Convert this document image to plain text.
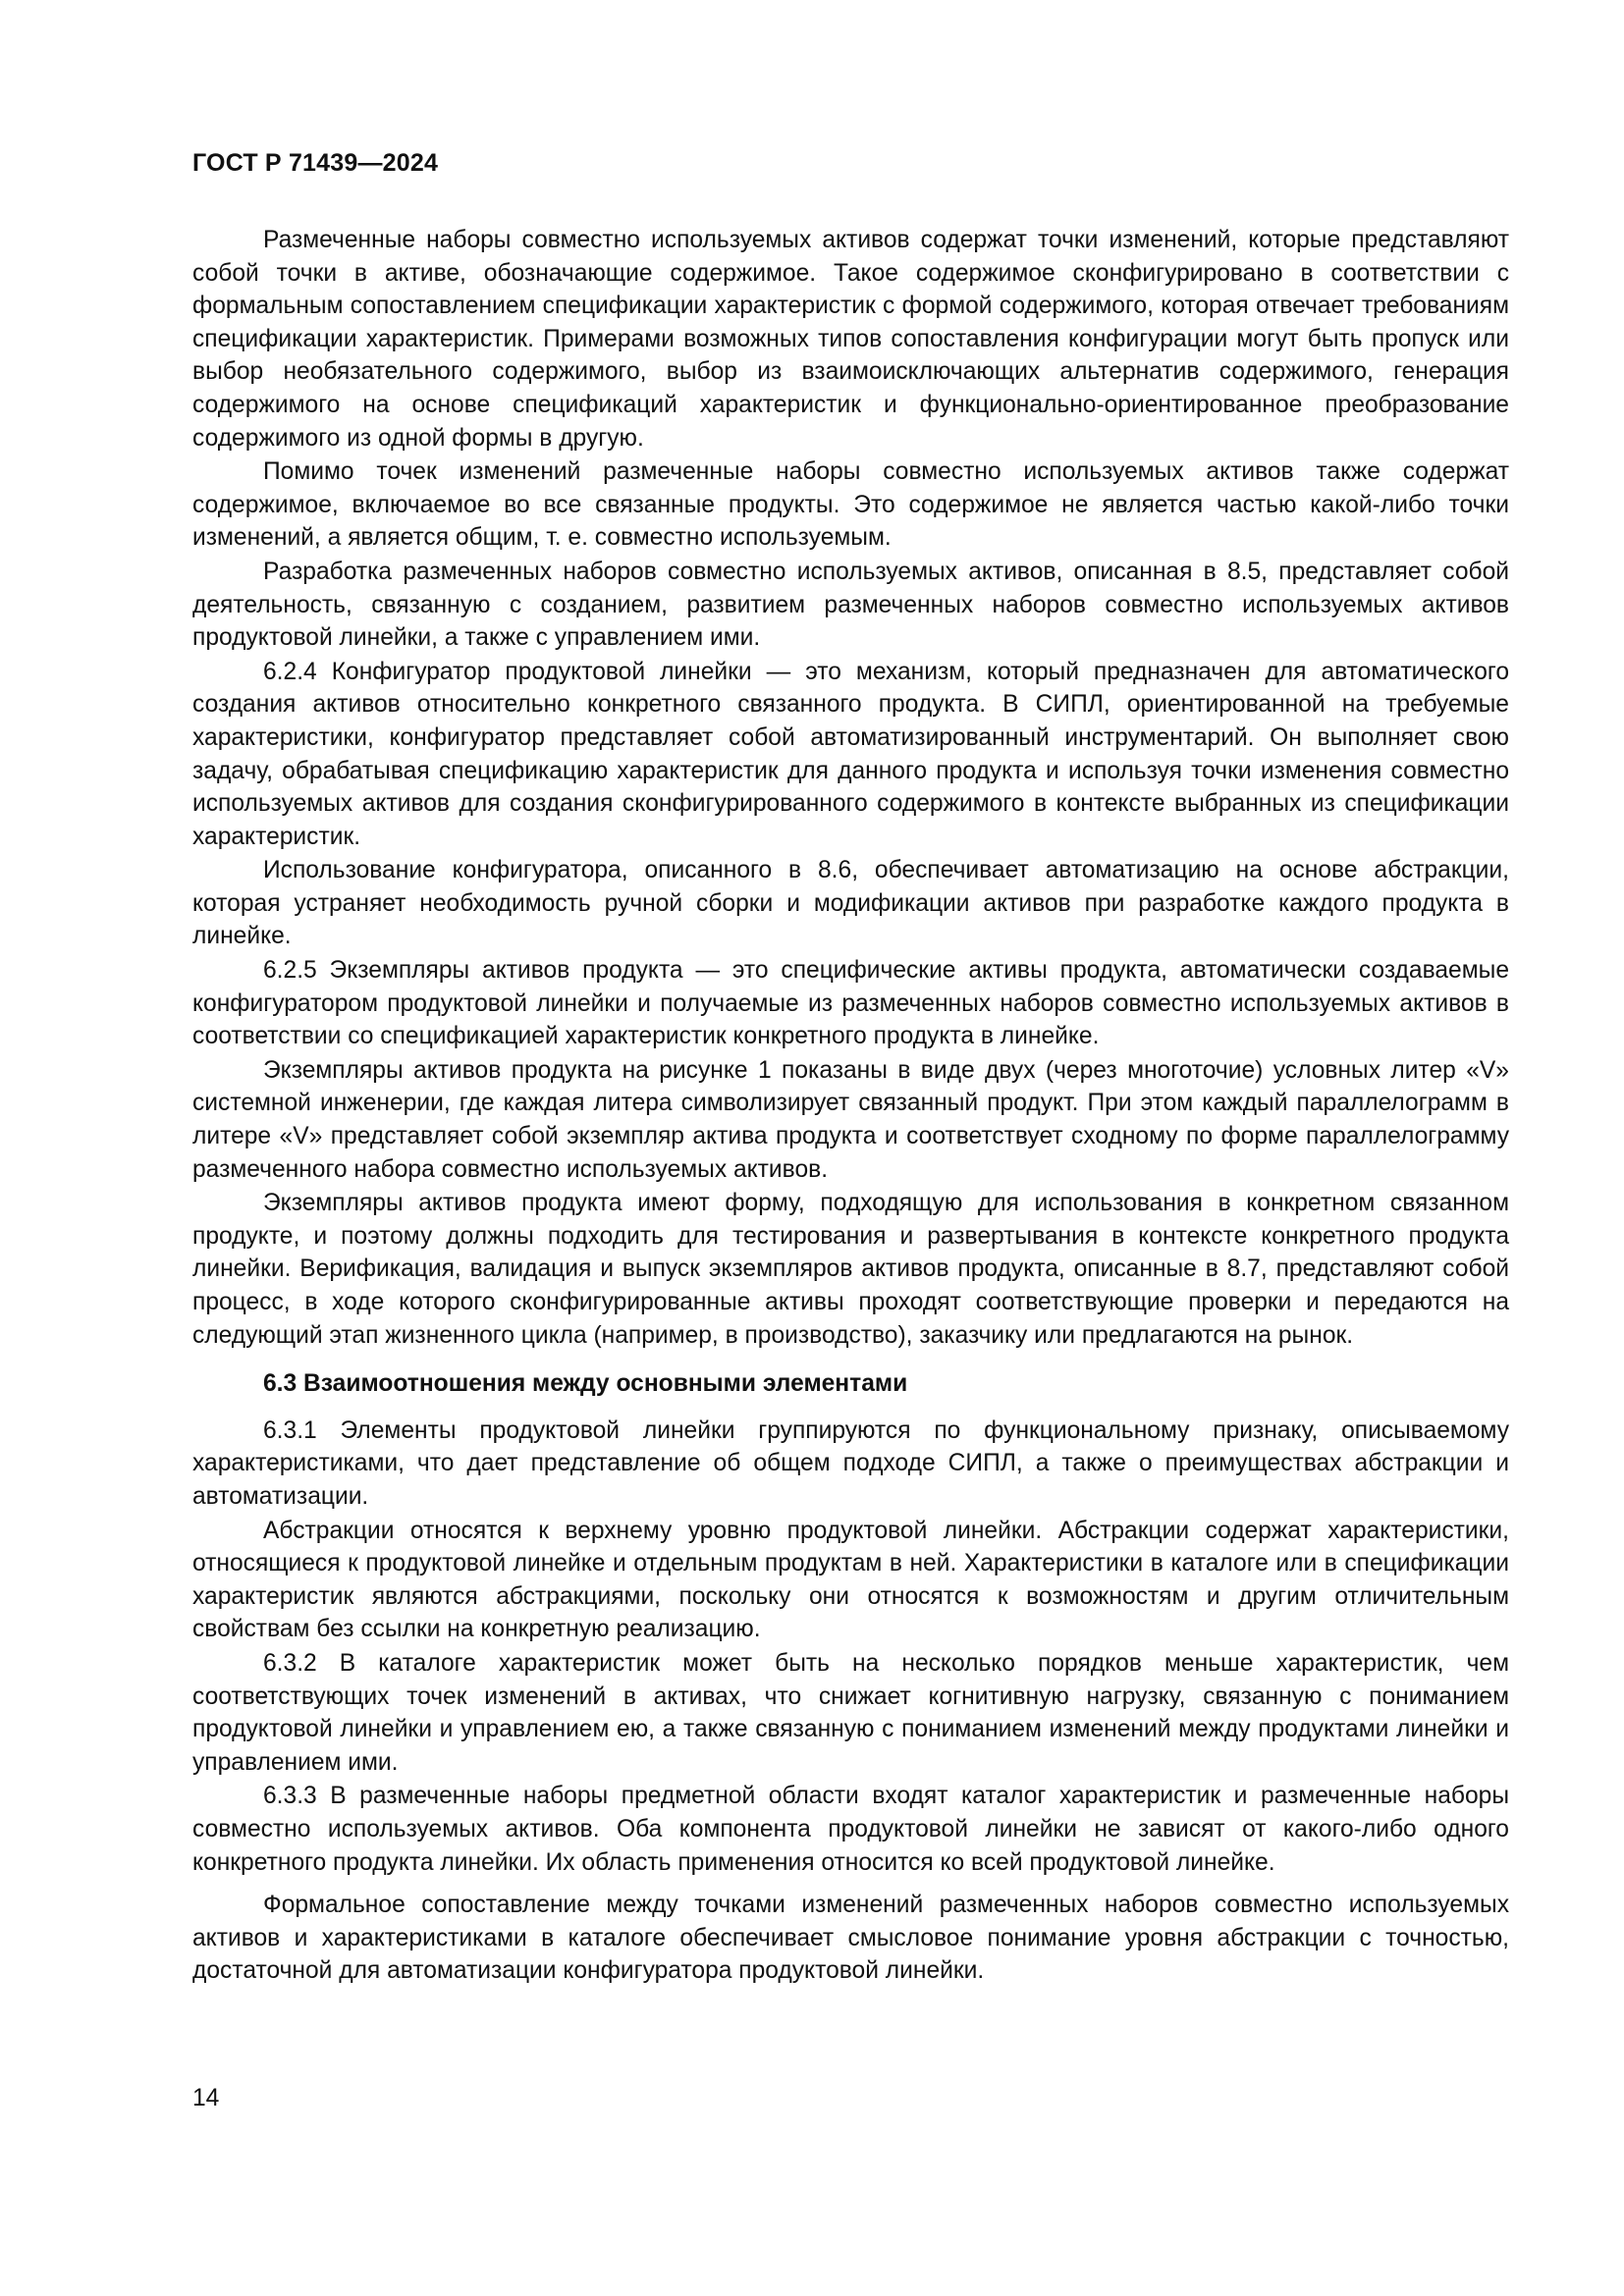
ГОСТ Р 71439—2024

Размеченные наборы совместно используемых активов содержат точки изменений, которые представляют собой точки в активе, обозначающие содержимое. Такое содержимое сконфигурировано в соответствии с формальным сопоставлением спецификации характеристик с формой содержимого, которая отвечает требованиям спецификации характеристик. Примерами возможных типов сопоставления конфигурации могут быть пропуск или выбор необязательного содержимого, выбор из взаимоисключающих альтернатив содержимого, генерация содержимого на основе спецификаций характеристик и функционально-ориентированное преобразование содержимого из одной формы в другую.

Помимо точек изменений размеченные наборы совместно используемых активов также содержат содержимое, включаемое во все связанные продукты. Это содержимое не является частью какой-либо точки изменений, а является общим, т. е. совместно используемым.

Разработка размеченных наборов совместно используемых активов, описанная в 8.5, представляет собой деятельность, связанную с созданием, развитием размеченных наборов совместно используемых активов продуктовой линейки, а также с управлением ими.

6.2.4 Конфигуратор продуктовой линейки — это механизм, который предназначен для автоматического создания активов относительно конкретного связанного продукта. В СИПЛ, ориентированной на требуемые характеристики, конфигуратор представляет собой автоматизированный инструментарий. Он выполняет свою задачу, обрабатывая спецификацию характеристик для данного продукта и используя точки изменения совместно используемых активов для создания сконфигурированного содержимого в контексте выбранных из спецификации характеристик.

Использование конфигуратора, описанного в 8.6, обеспечивает автоматизацию на основе абстракции, которая устраняет необходимость ручной сборки и модификации активов при разработке каждого продукта в линейке.

6.2.5 Экземпляры активов продукта — это специфические активы продукта, автоматически создаваемые конфигуратором продуктовой линейки и получаемые из размеченных наборов совместно используемых активов в соответствии со спецификацией характеристик конкретного продукта в линейке.

Экземпляры активов продукта на рисунке 1 показаны в виде двух (через многоточие) условных литер «V» системной инженерии, где каждая литера символизирует связанный продукт. При этом каждый параллелограмм в литере «V» представляет собой экземпляр актива продукта и соответствует сходному по форме параллелограмму размеченного набора совместно используемых активов.

Экземпляры активов продукта имеют форму, подходящую для использования в конкретном связанном продукте, и поэтому должны подходить для тестирования и развертывания в контексте конкретного продукта линейки. Верификация, валидация и выпуск экземпляров активов продукта, описанные в 8.7, представляют собой процесс, в ходе которого сконфигурированные активы проходят соответствующие проверки и передаются на следующий этап жизненного цикла (например, в производство), заказчику или предлагаются на рынок.

6.3 Взаимоотношения между основными элементами

6.3.1 Элементы продуктовой линейки группируются по функциональному признаку, описываемому характеристиками, что дает представление об общем подходе СИПЛ, а также о преимуществах абстракции и автоматизации.

Абстракции относятся к верхнему уровню продуктовой линейки. Абстракции содержат характеристики, относящиеся к продуктовой линейке и отдельным продуктам в ней. Характеристики в каталоге или в спецификации характеристик являются абстракциями, поскольку они относятся к возможностям и другим отличительным свойствам без ссылки на конкретную реализацию.

6.3.2 В каталоге характеристик может быть на несколько порядков меньше характеристик, чем соответствующих точек изменений в активах, что снижает когнитивную нагрузку, связанную с пониманием продуктовой линейки и управлением ею, а также связанную с пониманием изменений между продуктами линейки и управлением ими.

6.3.3 В размеченные наборы предметной области входят каталог характеристик и размеченные наборы совместно используемых активов. Оба компонента продуктовой линейки не зависят от какого-либо одного конкретного продукта линейки. Их область применения относится ко всей продуктовой линейке.

Формальное сопоставление между точками изменений размеченных наборов совместно используемых активов и характеристиками в каталоге обеспечивает смысловое понимание уровня абстракции с точностью, достаточной для автоматизации конфигуратора продуктовой линейки.

14
